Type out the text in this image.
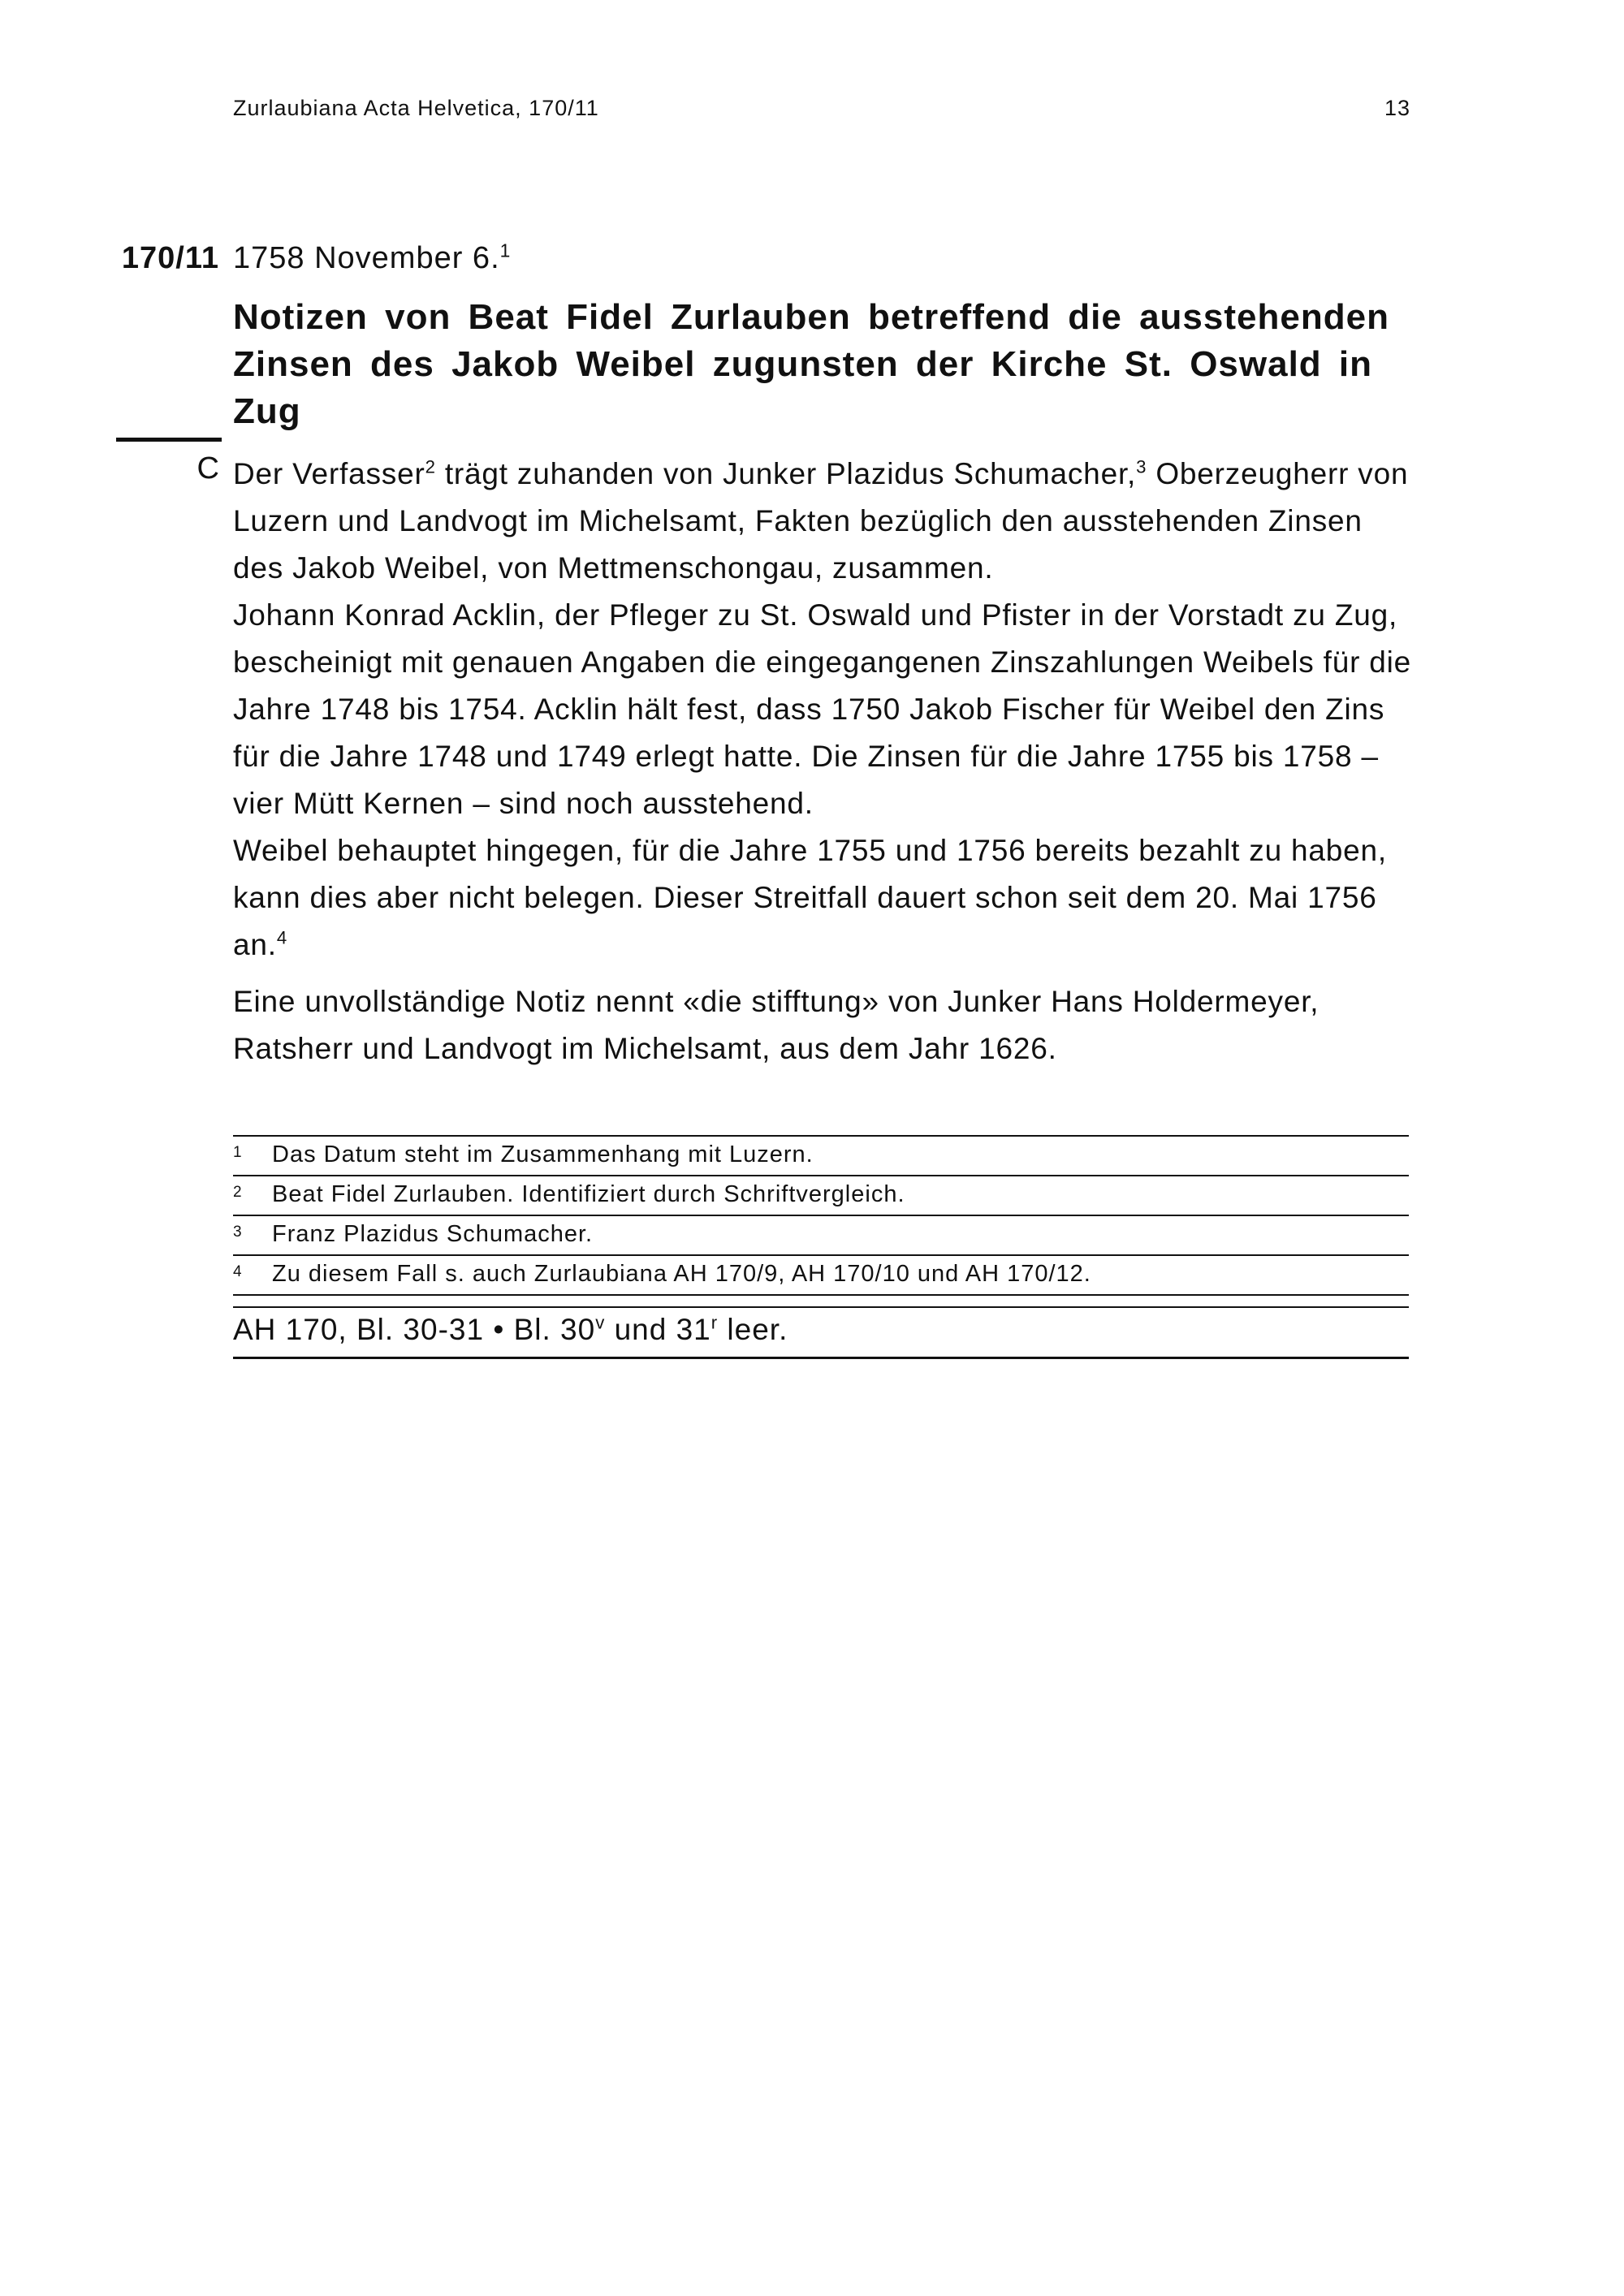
Zurlaubiana Acta Helvetica, 170/11	13
170/11 1758 November 6.$^1$
Notizen von Beat Fidel Zurlauben betreffend die ausstehenden Zinsen des Jakob Weibel zugunsten der Kirche St. Oswald in Zug
C Der Verfasser$^2$ trägt zuhanden von Junker Plazidus Schumacher,$^3$ Oberzeugherr von Luzern und Landvogt im Michelsamt, Fakten bezüglich den ausstehenden Zinsen des Jakob Weibel, von Mettmenschongau, zusammen.

Johann Konrad Acklin, der Pfleger zu St. Oswald und Pfister in der Vorstadt zu Zug, bescheinigt mit genauen Angaben die eingegangenen Zinszahlungen Weibels für die Jahre 1748 bis 1754. Acklin hält fest, dass 1750 Jakob Fischer für Weibel den Zins für die Jahre 1748 und 1749 erlegt hatte. Die Zinsen für die Jahre 1755 bis 1758 – vier Mütt Kernen – sind noch ausstehend.

Weibel behauptet hingegen, für die Jahre 1755 und 1756 bereits bezahlt zu haben, kann dies aber nicht belegen. Dieser Streitfall dauert schon seit dem 20. Mai 1756 an.$^4$

Eine unvollständige Notiz nennt «die stifftung» von Junker Hans Holdermeyer, Ratsherr und Landvogt im Michelsamt, aus dem Jahr 1626.

1 Das Datum steht im Zusammenhang mit Luzern.
2 Beat Fidel Zurlauben. Identifiziert durch Schriftvergleich.
3 Franz Plazidus Schumacher.
4 Zu diesem Fall s. auch Zurlaubiana AH 170/9, AH 170/10 und AH 170/12.
AH 170, Bl. 30-31 • Bl. 30$^v$ und 31$^r$ leer.
